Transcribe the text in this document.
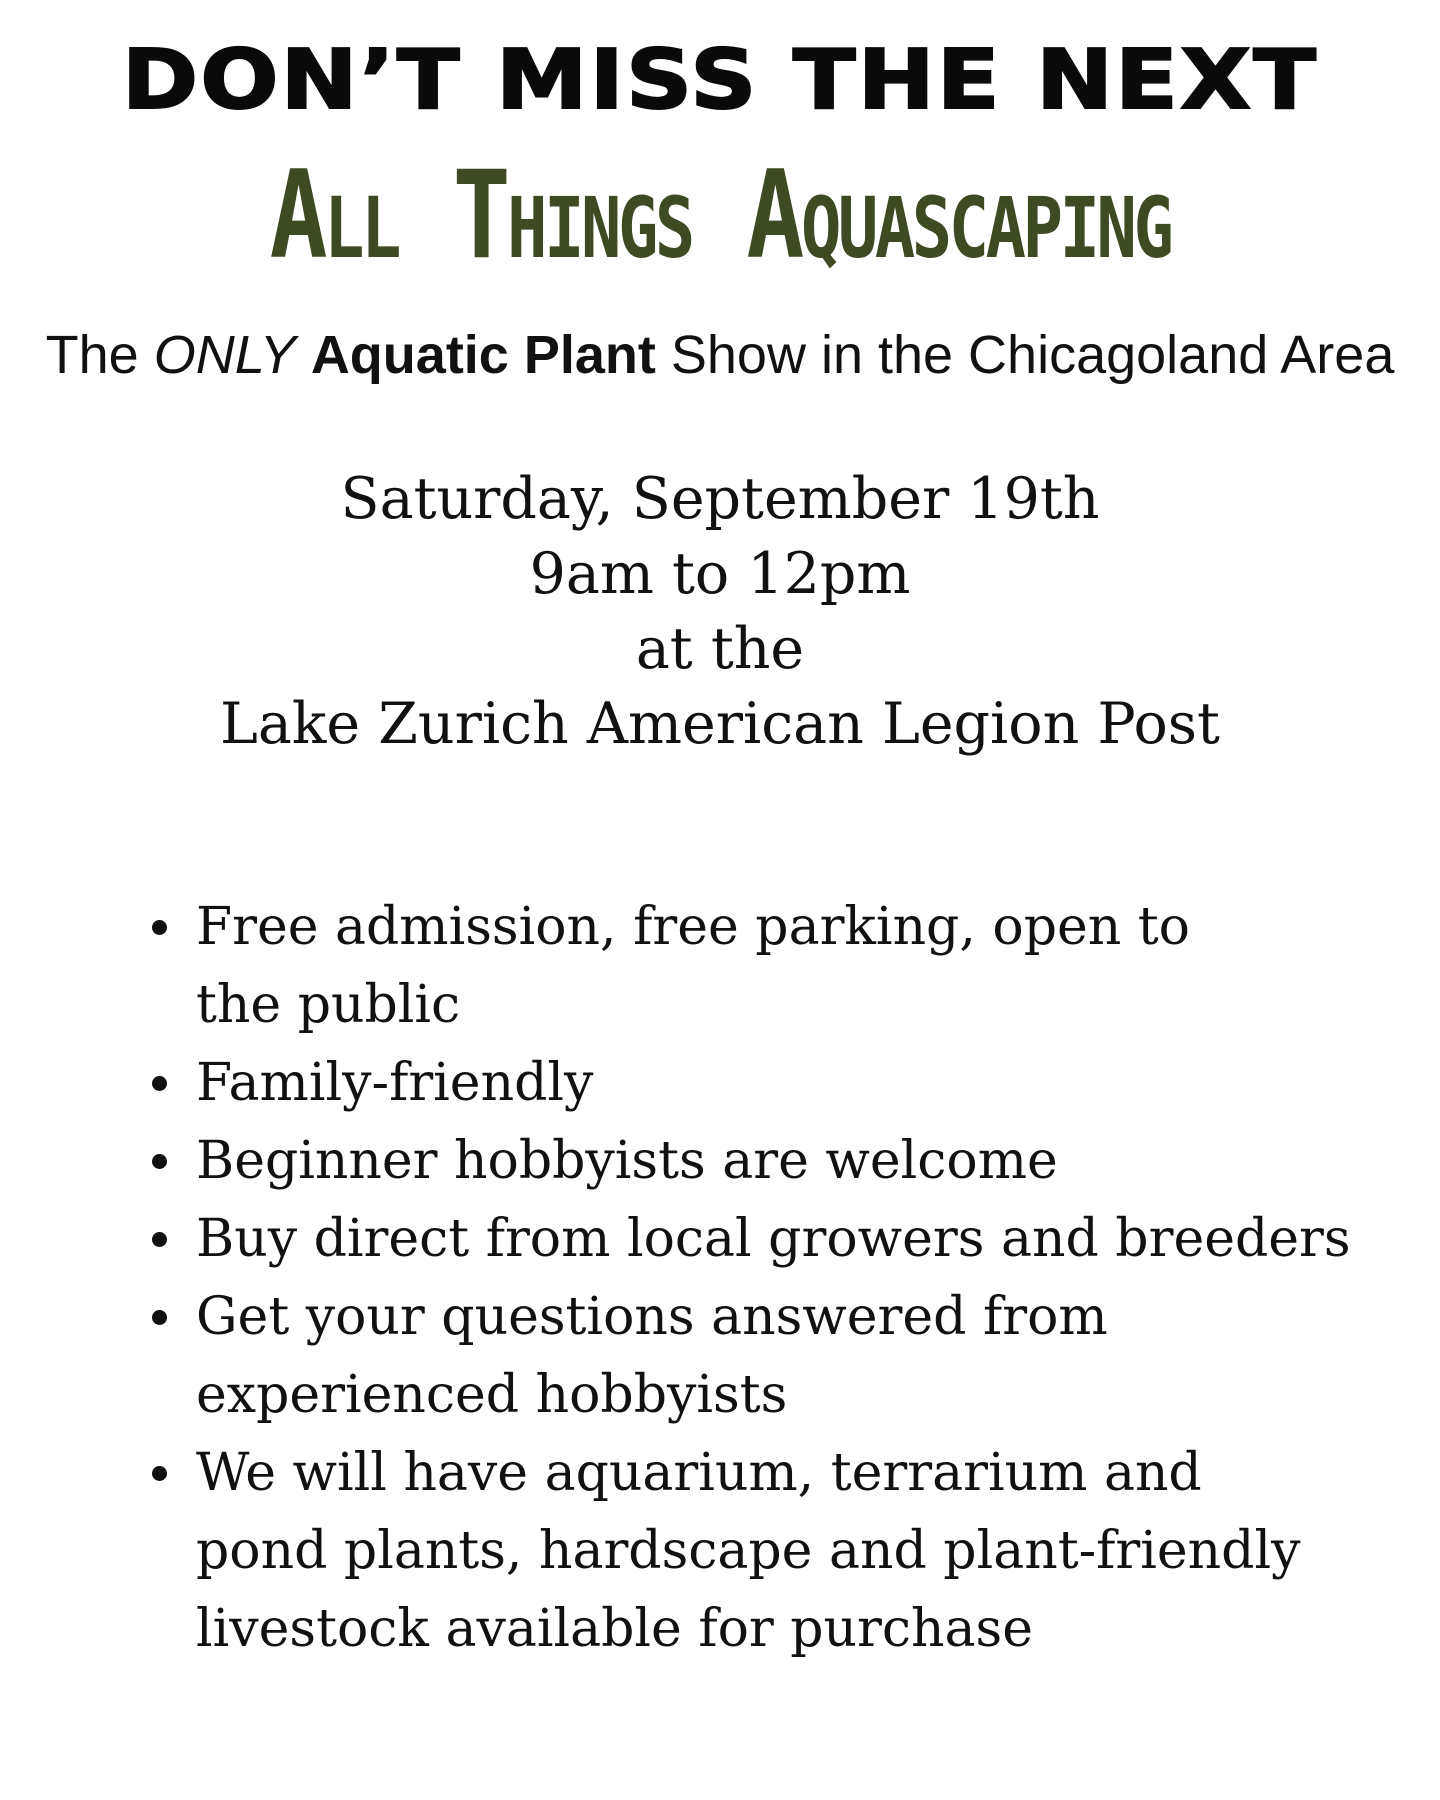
DON’T MISS THE NEXT
All Things Aquascaping
The ONLY Aquatic Plant Show in the Chicagoland Area
Saturday, September 19th
9am to 12pm
at the
Lake Zurich American Legion Post
Free admission, free parking, open to the public
Family-friendly
Beginner hobbyists are welcome
Buy direct from local growers and breeders
Get your questions answered from experienced hobbyists
We will have aquarium, terrarium and pond plants, hardscape and plant-friendly livestock available for purchase
